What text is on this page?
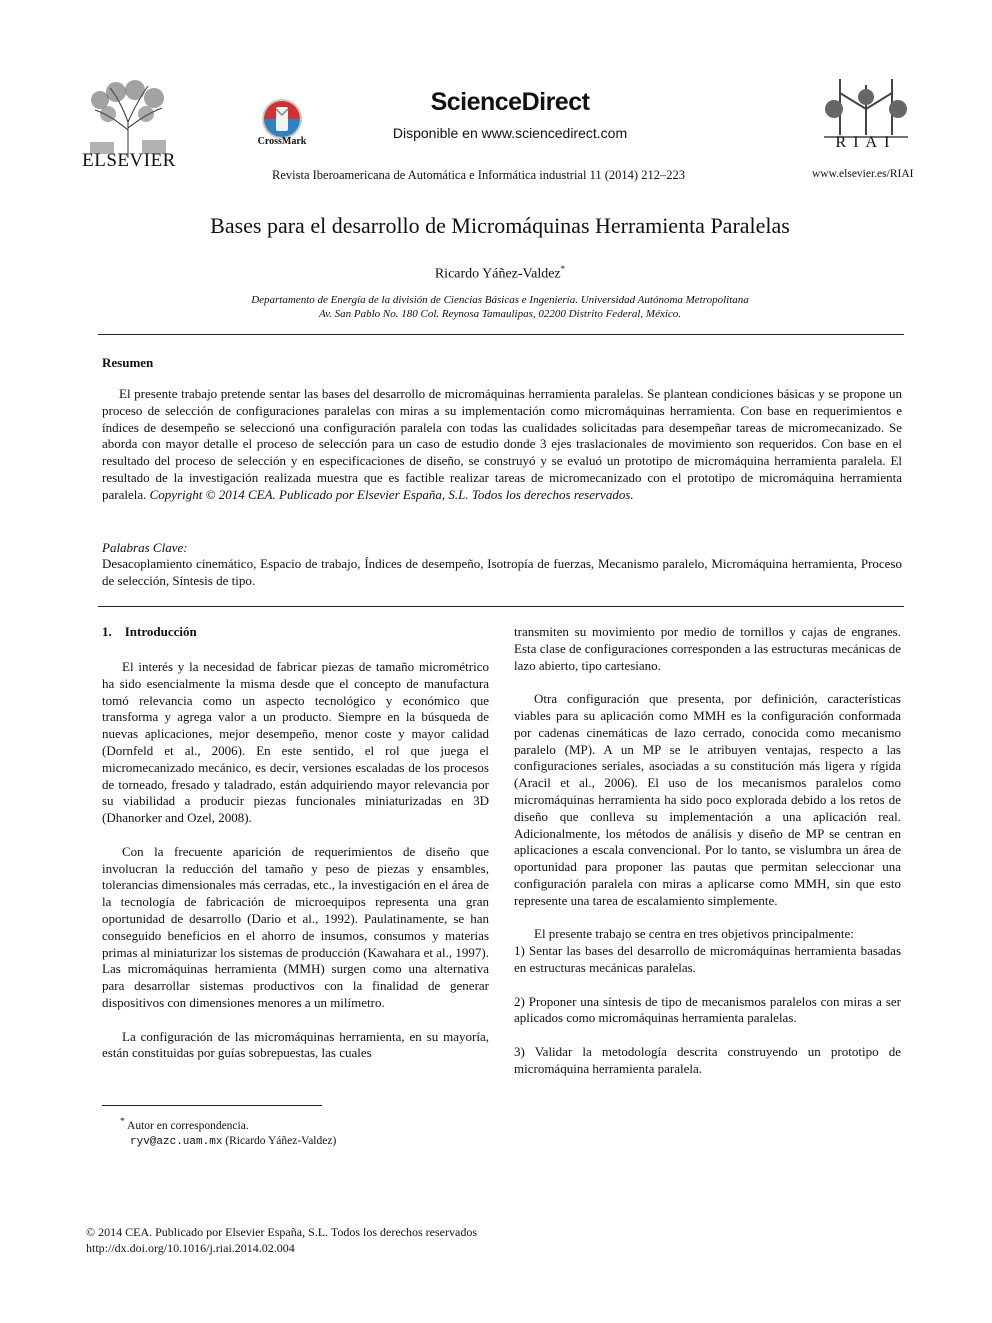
ELSEVIER
CrossMark
ScienceDirect
Disponible en www.sciencedirect.com
Revista Iberoamericana de Automática e Informática industrial 11 (2014) 212–223
RIAI
www.elsevier.es/RIAI
Bases para el desarrollo de Micromáquinas Herramienta Paralelas
Ricardo Yáñez-Valdez*
Departamento de Energía de la división de Ciencias Básicas e Ingeniería. Universidad Autónoma Metropolitana
Av. San Pablo No. 180 Col. Reynosa Tamaulipas, 02200 Distrito Federal, México.
Resumen

El presente trabajo pretende sentar las bases del desarrollo de micromáquinas herramienta paralelas. Se plantean condiciones básicas y se propone un proceso de selección de configuraciones paralelas con miras a su implementación como micromáquinas herramienta. Con base en requerimientos e índices de desempeño se seleccionó una configuración paralela con todas las cualidades solicitadas para desempeñar tareas de micromecanizado. Se aborda con mayor detalle el proceso de selección para un caso de estudio donde 3 ejes traslacionales de movimiento son requeridos. Con base en el resultado del proceso de selección y en especificaciones de diseño, se construyó y se evaluó un prototipo de micromáquina herramienta paralela. El resultado de la investigación realizada muestra que es factible realizar tareas de micromecanizado con el prototipo de micromáquina herramienta paralela. Copyright © 2014 CEA. Publicado por Elsevier España, S.L. Todos los derechos reservados.

Palabras Clave:
Desacoplamiento cinemático, Espacio de trabajo, Índices de desempeño, Isotropía de fuerzas, Mecanismo paralelo, Micromáquina herramienta, Proceso de selección, Síntesis de tipo.
1.    Introducción

El interés y la necesidad de fabricar piezas de tamaño micrométrico ha sido esencialmente la misma desde que el concepto de manufactura tomó relevancia como un aspecto tecnológico y económico que transforma y agrega valor a un producto. Siempre en la búsqueda de nuevas aplicaciones, mejor desempeño, menor coste y mayor calidad (Dornfeld et al., 2006). En este sentido, el rol que juega el micromecanizado mecánico, es decir, versiones escaladas de los procesos de torneado, fresado y taladrado, están adquiriendo mayor relevancia por su viabilidad a producir piezas funcionales miniaturizadas en 3D (Dhanorker and Ozel, 2008).

Con la frecuente aparición de requerimientos de diseño que involucran la reducción del tamaño y peso de piezas y ensambles, tolerancias dimensionales más cerradas, etc., la investigación en el área de la tecnología de fabricación de microequipos representa una gran oportunidad de desarrollo (Dario et al., 1992). Paulatinamente, se han conseguido beneficios en el ahorro de insumos, consumos y materias primas al miniaturizar los sistemas de producción (Kawahara et al., 1997). Las micromáquinas herramienta (MMH) surgen como una alternativa para desarrollar sistemas productivos con la finalidad de generar dispositivos con dimensiones menores a un milímetro.

La configuración de las micromáquinas herramienta, en su mayoría, están constituidas por guías sobrepuestas, las cuales

transmiten su movimiento por medio de tornillos y cajas de engranes. Esta clase de configuraciones corresponden a las estructuras mecánicas de lazo abierto, tipo cartesiano.

Otra configuración que presenta, por definición, características viables para su aplicación como MMH es la configuración conformada por cadenas cinemáticas de lazo cerrado, conocida como mecanismo paralelo (MP). A un MP se le atribuyen ventajas, respecto a las configuraciones seriales, asociadas a su constitución más ligera y rígida (Aracil et al., 2006). El uso de los mecanismos paralelos como micromáquinas herramienta ha sido poco explorada debido a los retos de diseño que conlleva su implementación a una aplicación real. Adicionalmente, los métodos de análisis y diseño de MP se centran en aplicaciones a escala convencional. Por lo tanto, se vislumbra un área de oportunidad para proponer las pautas que permitan seleccionar una configuración paralela con miras a aplicarse como MMH, sin que esto represente una tarea de escalamiento simplemente.

El presente trabajo se centra en tres objetivos principalmente:

1) Sentar las bases del desarrollo de micromáquinas herramienta basadas en estructuras mecánicas paralelas.

2) Proponer una síntesis de tipo de mecanismos paralelos con miras a ser aplicados como micromáquinas herramienta paralelas.

3) Validar la metodología descrita construyendo un prototipo de micromáquina herramienta paralela.

* Autor en correspondencia.
ryv@azc.uam.mx (Ricardo Yáñez-Valdez)
© 2014 CEA. Publicado por Elsevier España, S.L. Todos los derechos reservados
http://dx.doi.org/10.1016/j.riai.2014.02.004
